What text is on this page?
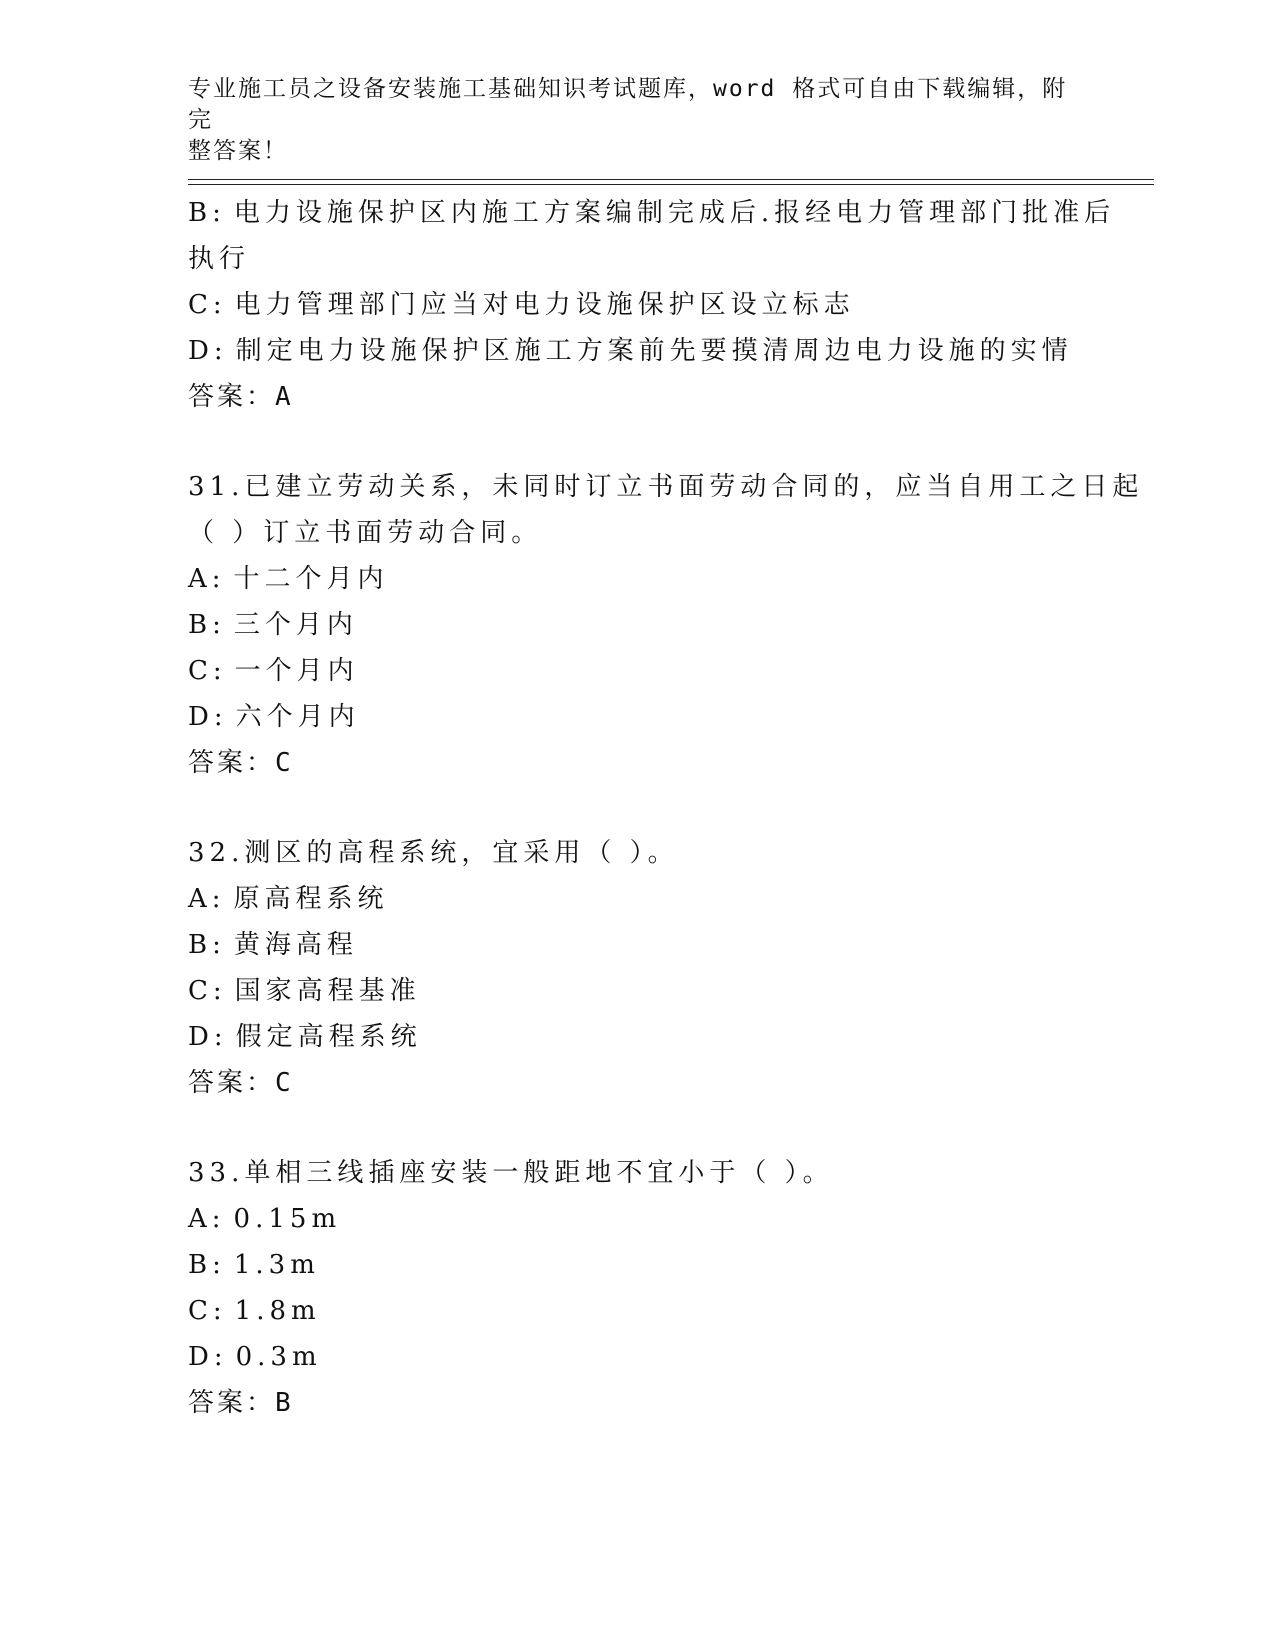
专业施工员之设备安装施工基础知识考试题库，word 格式可自由下载编辑，附完
整答案！
B: 电力设施保护区内施工方案编制完成后.报经电力管理部门批准后
执行
C: 电力管理部门应当对电力设施保护区设立标志
D: 制定电力设施保护区施工方案前先要摸清周边电力设施的实情
答案：A
31.已建立劳动关系，未同时订立书面劳动合同的，应当自用工之日起
（ ）订立书面劳动合同。
A: 十二个月内
B: 三个月内
C: 一个月内
D: 六个月内
答案：C
32.测区的高程系统，宜采用（ ）。
A: 原高程系统
B: 黄海高程
C: 国家高程基准
D: 假定高程系统
答案：C
33.单相三线插座安装一般距地不宜小于（ ）。
A: 0.15m
B: 1.3m
C: 1.8m
D: 0.3m
答案：B
